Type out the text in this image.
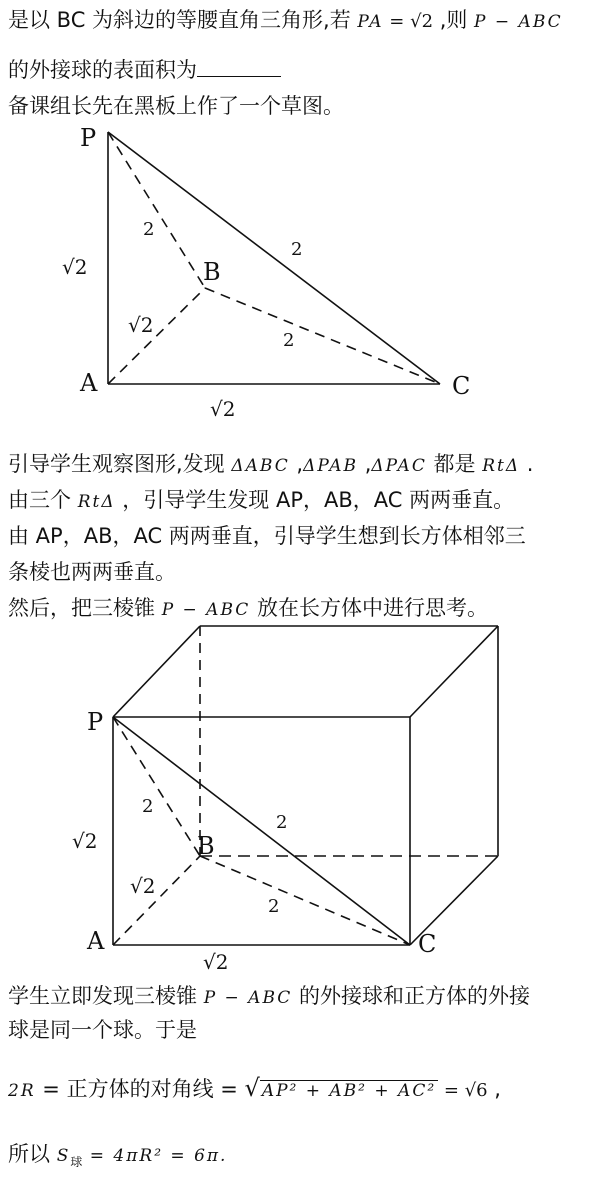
是以 BC 为斜边的等腰直角三角形,若 PA = √2 ,则 P − ABC
的外接球的表面积为
备课组长先在黑板上作了一个草图。
P
A
B
C
2
2
2
√2
√2
√2
引导学生观察图形,发现 ΔABC ,ΔPAB ,ΔPAC 都是 RtΔ .
由三个 RtΔ ，引导学生发现 AP，AB，AC 两两垂直。
由 AP，AB，AC 两两垂直，引导学生想到长方体相邻三
条棱也两两垂直。
然后，把三棱锥 P − ABC 放在长方体中进行思考。
P
A
B
C
2
2
2
√2
√2
√2
学生立即发现三棱锥 P − ABC 的外接球和正方体的外接
球是同一个球。于是
2R = 正方体的对角线 = √ AP² + AB² + AC² = √6 ,
所以 $S_球 = 4\pi R^2 = 6\pi$.
